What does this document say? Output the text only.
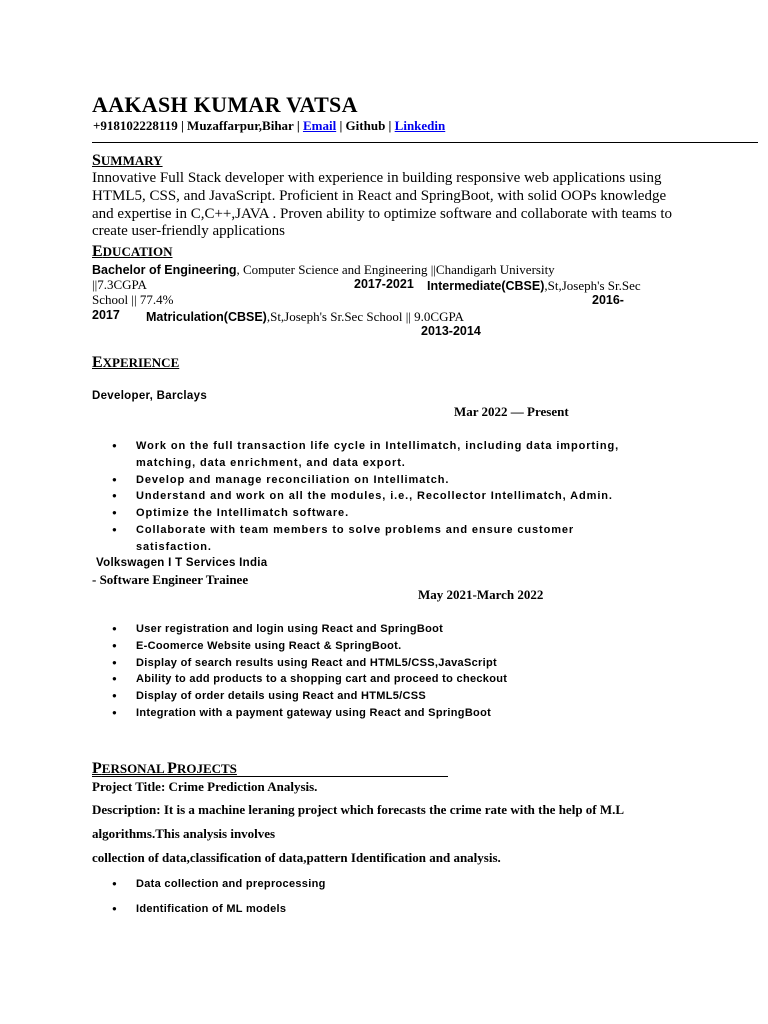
AAKASH KUMAR VATSA
+918102228119 | Muzaffarpur,Bihar | Email | Github | Linkedin
SUMMARY
Innovative Full Stack developer with experience in building responsive web applications using
HTML5, CSS, and JavaScript. Proficient in React and SpringBoot, with solid OOPs knowledge
and expertise in C,C++,JAVA . Proven ability to optimize software and collaborate with teams to
create user-friendly applications
EDUCATION
Bachelor of Engineering, Computer Science and Engineering ||Chandigarh University
||7.3CGPA	2017-2021 Intermediate(CBSE),St,Joseph's Sr.Sec
School || 77.4%	2016-
2017 Matriculation(CBSE),St,Joseph's Sr.Sec School || 9.0CGPA
2013-2014
EXPERIENCE
Developer, Barclays
Mar 2022 — Present
● Work on the full transaction life cycle in Intellimatch, including data importing, matching, data enrichment, and data export.
● Develop and manage reconciliation on Intellimatch.
● Understand and work on all the modules, i.e., Recollector Intellimatch, Admin.
● Optimize the Intellimatch software.
● Collaborate with team members to solve problems and ensure customer satisfaction.
Volkswagen I T Services India
- Software Engineer Trainee
May 2021-March 2022
● User registration and login using React and SpringBoot
● E-Coomerce Website using React & SpringBoot.
● Display of search results using React and HTML5/CSS,JavaScript
● Ability to add products to a shopping cart and proceed to checkout
● Display of order details using React and HTML5/CSS
● Integration with a payment gateway using React and SpringBoot
PERSONAL PROJECTS
Project Title: Crime Prediction Analysis.
Description: It is a machine leraning project which forecasts the crime rate with the help of M.L
algorithms.This analysis involves
collection of data,classification of data,pattern Identification and analysis.
● Data collection and preprocessing
● Identification of ML models
